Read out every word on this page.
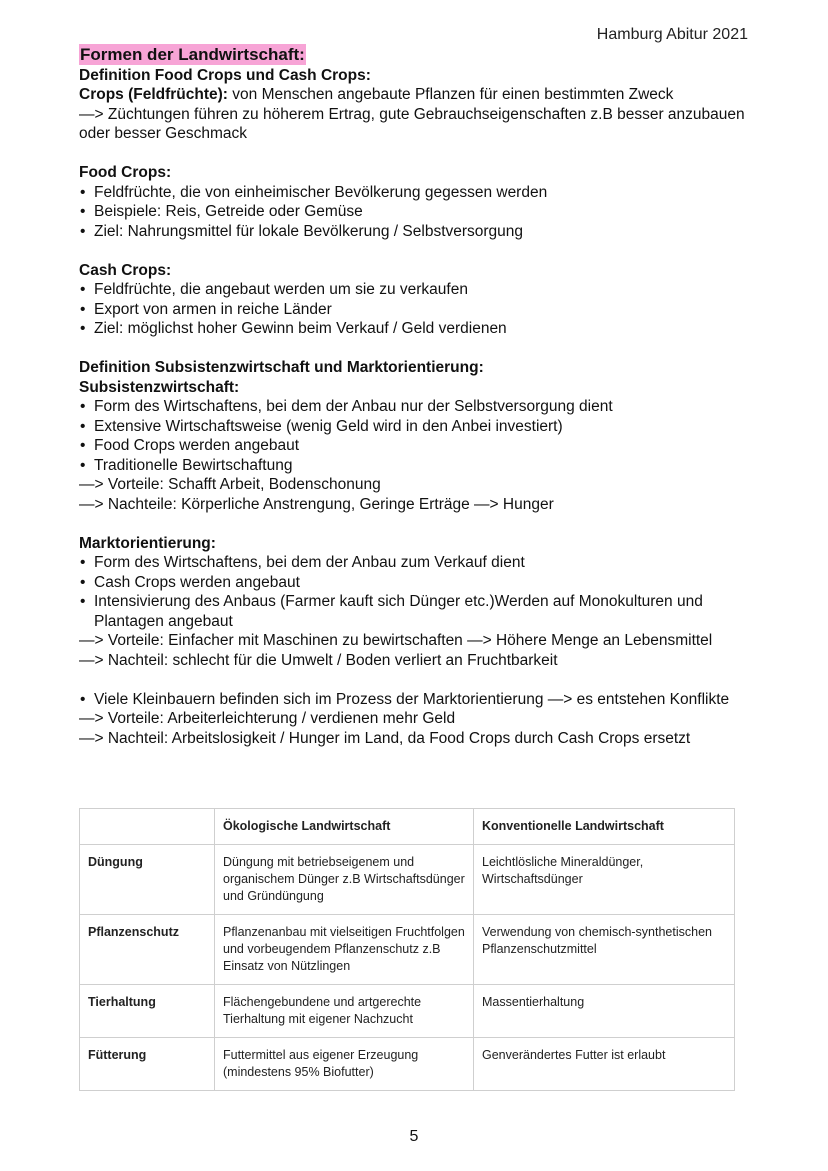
Hamburg Abitur 2021
Formen der Landwirtschaft:
Definition Food Crops und Cash Crops:
Crops (Feldfrüchte): von Menschen angebaute Pflanzen für einen bestimmten Zweck
—> Züchtungen führen zu höherem Ertrag, gute Gebrauchseigenschaften z.B besser anzubauen oder besser Geschmack
Food Crops:
• Feldfrüchte, die von einheimischer Bevölkerung gegessen werden
• Beispiele: Reis, Getreide oder Gemüse
• Ziel: Nahrungsmittel für lokale Bevölkerung / Selbstversorgung
Cash Crops:
• Feldfrüchte, die angebaut werden um sie zu verkaufen
• Export von armen in reiche Länder
• Ziel: möglichst hoher Gewinn beim Verkauf / Geld verdienen
Definition Subsistenzwirtschaft und Marktorientierung:
Subsistenzwirtschaft:
• Form des Wirtschaftens, bei dem der Anbau nur der Selbstversorgung dient
• Extensive Wirtschaftsweise (wenig Geld wird in den Anbei investiert)
• Food Crops werden angebaut
• Traditionelle Bewirtschaftung
—> Vorteile: Schafft Arbeit, Bodenschonung
—> Nachteile: Körperliche Anstrengung, Geringe Erträge —> Hunger
Marktorientierung:
• Form des Wirtschaftens, bei dem der Anbau zum Verkauf dient
• Cash Crops werden angebaut
• Intensivierung des Anbaus (Farmer kauft sich Dünger etc.)Werden auf Monokulturen und Plantagen angebaut
—> Vorteile: Einfacher mit Maschinen zu bewirtschaften —> Höhere Menge an Lebensmittel
—> Nachteil: schlecht für die Umwelt / Boden verliert an Fruchtbarkeit
• Viele Kleinbauern befinden sich im Prozess der Marktorientierung —> es entstehen Konflikte
—> Vorteile: Arbeiterleichterung / verdienen mehr Geld
—> Nachteil: Arbeitslosigkeit / Hunger im Land, da Food Crops durch Cash Crops ersetzt
	Ökologische Landwirtschaft	Konventionelle Landwirtschaft
Düngung	Düngung mit betriebseigenem und organischem Dünger z.B Wirtschaftsdünger und Gründüngung	Leichtlösliche Mineraldünger, Wirtschaftsdünger
Pflanzenschutz	Pflanzenanbau mit vielseitigen Fruchtfolgen und vorbeugendem Pflanzenschutz z.B Einsatz von Nützlingen	Verwendung von chemisch-synthetischen Pflanzenschutzmittel
Tierhaltung	Flächengebundene und artgerechte Tierhaltung mit eigener Nachzucht	Massentierhaltung
Fütterung	Futtermittel aus eigener Erzeugung (mindestens 95% Biofutter)	Genverändertes Futter ist erlaubt
5
